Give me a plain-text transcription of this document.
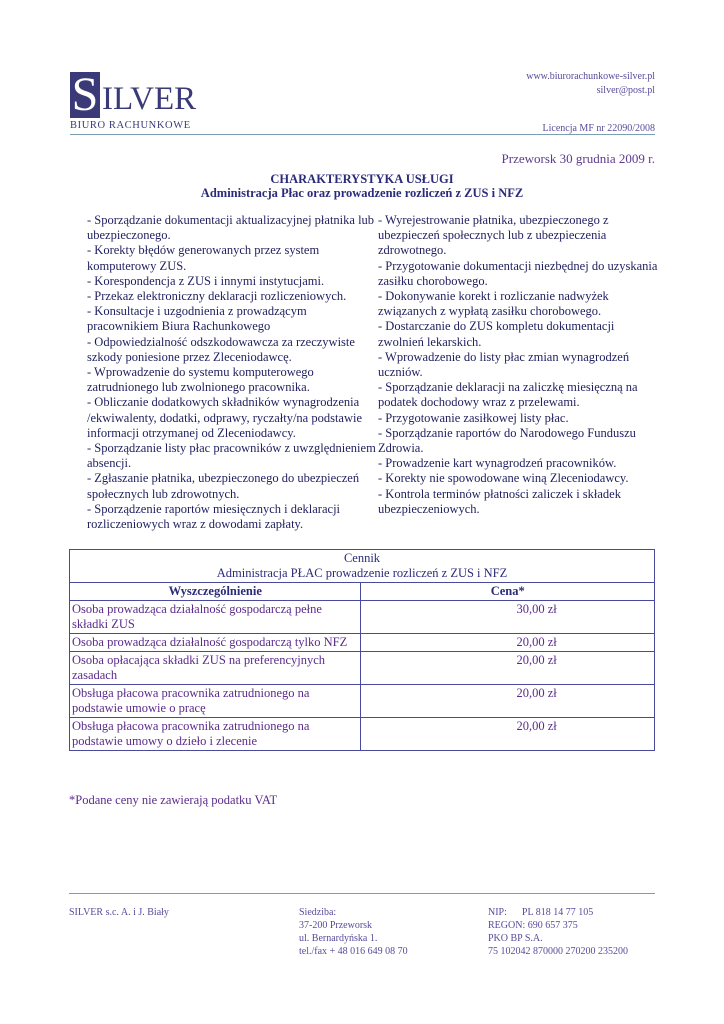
S ILVER
BIURO RACHUNKOWE
www.biurorachunkowe-silver.pl
silver@post.pl
Licencja MF nr 22090/2008
Przeworsk 30 grudnia 2009 r.
CHARAKTERYSTYKA USŁUGI
Administracja Płac oraz prowadzenie rozliczeń z ZUS i NFZ
- Sporządzanie dokumentacji aktualizacyjnej płatnika lub ubezpieczonego.
- Korekty błędów generowanych przez system komputerowy ZUS.
- Korespondencja z ZUS i innymi instytucjami.
- Przekaz elektroniczny deklaracji rozliczeniowych.
- Konsultacje i uzgodnienia z prowadzącym pracownikiem Biura Rachunkowego
- Odpowiedzialność odszkodowawcza za rzeczywiste szkody poniesione przez Zleceniodawcę.
- Wprowadzenie do systemu komputerowego zatrudnionego lub zwolnionego pracownika.
- Obliczanie dodatkowych składników wynagrodzenia /ekwiwalenty, dodatki, odprawy, ryczałty/na podstawie informacji otrzymanej od Zleceniodawcy.
- Sporządzanie listy płac pracowników z uwzględnieniem absencji.
- Zgłaszanie płatnika, ubezpieczonego do ubezpieczeń społecznych lub zdrowotnych.
- Sporządzenie raportów miesięcznych i deklaracji rozliczeniowych wraz z dowodami zapłaty.
- Wyrejestrowanie płatnika, ubezpieczonego z ubezpieczeń społecznych lub z ubezpieczenia zdrowotnego.
- Przygotowanie dokumentacji niezbędnej do uzyskania zasiłku chorobowego.
- Dokonywanie korekt i rozliczanie nadwyżek związanych z wypłatą zasiłku chorobowego.
- Dostarczanie do ZUS kompletu dokumentacji zwolnień lekarskich.
- Wprowadzenie do listy płac zmian wynagrodzeń uczniów.
- Sporządzanie deklaracji na zaliczkę miesięczną na podatek dochodowy wraz z przelewami.
- Przygotowanie zasiłkowej listy płac.
- Sporządzanie raportów do Narodowego Funduszu Zdrowia.
- Prowadzenie kart wynagrodzeń pracowników.
- Korekty nie spowodowane winą Zleceniodawcy.
- Kontrola terminów płatności zaliczek i składek ubezpieczeniowych.
Cennik
Administracja PŁAC prowadzenie rozliczeń z ZUS i NFZ	

Wyszczególnienie	Cena*
Osoba prowadząca działalność gospodarczą pełne składki ZUS	30,00 zł
Osoba prowadząca działalność gospodarczą tylko NFZ	20,00 zł
Osoba opłacająca składki ZUS na preferencyjnych zasadach	20,00 zł
Obsługa płacowa pracownika zatrudnionego na podstawie umowie o pracę	20,00 zł
Obsługa płacowa pracownika zatrudnionego na podstawie umowy o dzieło i zlecenie	20,00 zł
*Podane ceny nie zawierają podatku VAT
SILVER s.c. A. i J. Biały	Siedziba:
37-200 Przeworsk
ul. Bernardyńska 1.
tel./fax + 48 016 649 08 70
NIP:      PL 818 14 77 105
REGON: 690 657 375
PKO BP S.A.
75 102042 870000 270200 235200
